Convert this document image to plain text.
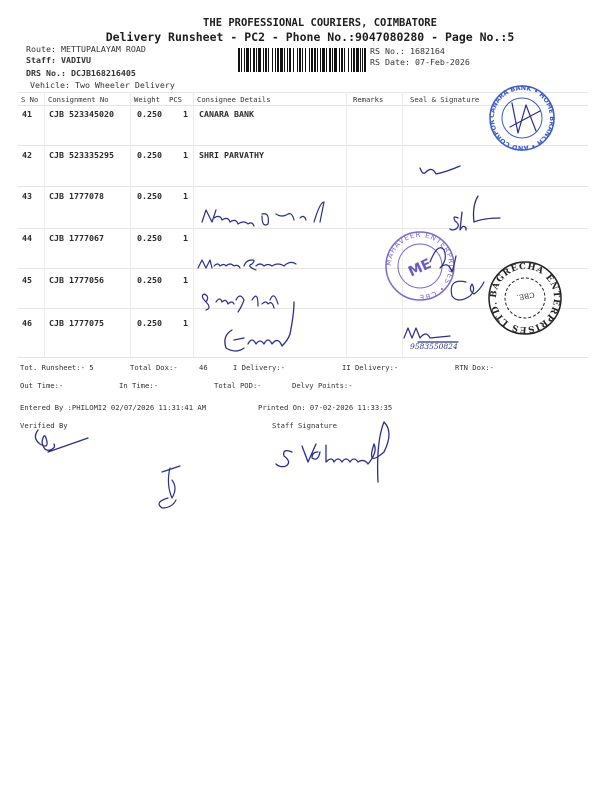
THE PROFESSIONAL COURIERS, COIMBATORE
Delivery Runsheet - PC2 - Phone No.:9047080280 - Page No.:5
Route: METTUPALAYAM ROAD
Staff: VADIVU
DRS No.: DCJB168216405
Vehicle: Two Wheeler Delivery
RS No.: 1682164
RS Date: 07-Feb-2026
S No Consignment No	Weight PCS Consignee Details	Remarks	Seal & Signature
41 CJB 523345020	0.250	1 CANARA BANK
42 CJB 523335295	0.250	1 SHRI PARVATHY
43 CJB 1777078	0.250	1
44 CJB 1777067	0.250	1
45 CJB 1777056	0.250	1
46 CJB 1777075	0.250	1
Tot. Runsheet:- 5	Total Dox:-	46	I Delivery:-	II Delivery:-	RTN Dox:-
Out Time:-	In Time:-	Total POD:-	Delvy Points:-
Entered By :PHILOMI2 02/07/2026 11:31:41 AM	Printed On: 07-02-2026 11:33:35
Verified By	Staff Signature
CANARA BANK • HOME BRANCH • AND CORPORATE
MAHAVEER ENTERPRISES • CBE
ME
BAGRECHA ENTERPRISES LTD.
CBE.
9583550824
